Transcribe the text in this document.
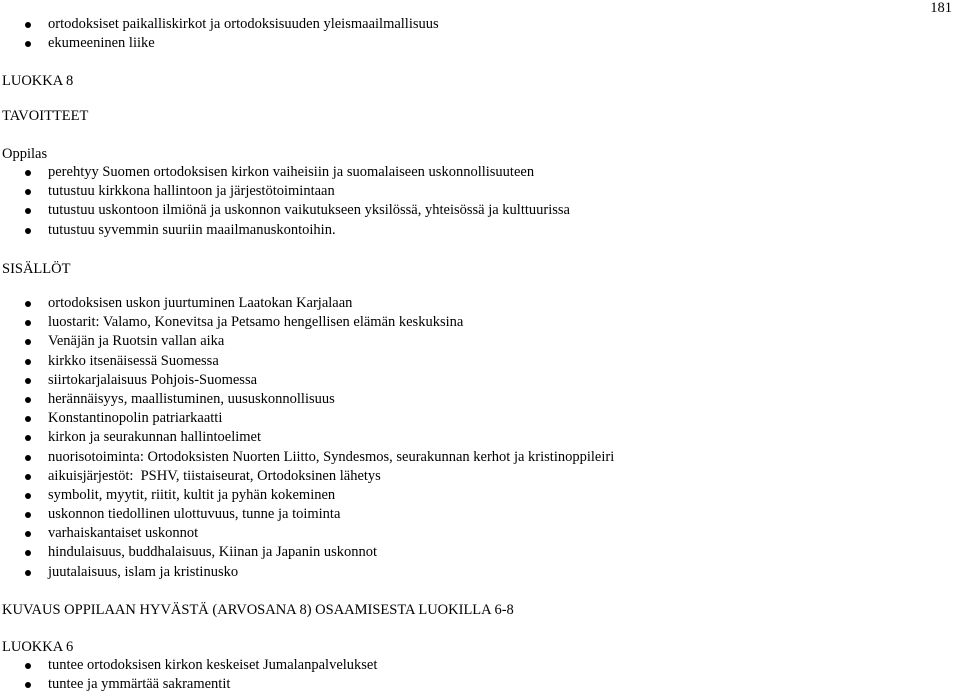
181
ortodoksiset paikalliskirkot ja ortodoksisuuden yleismaailmallisuus
ekumeeninen liike
LUOKKA 8
TAVOITTEET
Oppilas
perehtyy Suomen ortodoksisen kirkon vaiheisiin ja suomalaiseen uskonnollisuuteen
tutustuu kirkkona hallintoon ja järjestötoimintaan
tutustuu uskontoon ilmiönä ja uskonnon vaikutukseen yksilössä, yhteisössä ja kulttuurissa
tutustuu syvemmin suuriin maailmanuskontoihin.
SISÄLLÖT
ortodoksisen uskon juurtuminen Laatokan Karjalaan
luostarit: Valamo, Konevitsa ja Petsamo hengellisen elämän keskuksina
Venäjän ja Ruotsin vallan aika
kirkko itsenäisessä Suomessa
siirtokarjalaisuus Pohjois-Suomessa
herännäisyys, maallistuminen, uususkonnollisuus
Konstantinopolin patriarkaatti
kirkon ja seurakunnan hallintoelimet
nuorisotoiminta: Ortodoksisten Nuorten Liitto, Syndesmos, seurakunnan kerhot ja kristinoppileiri
aikuisjärjestöt:  PSHV, tiistaiseurat, Ortodoksinen lähetys
symbolit, myytit, riitit, kultit ja pyhän kokeminen
uskonnon tiedollinen ulottuvuus, tunne ja toiminta
varhaiskantaiset uskonnot
hindulaisuus, buddhalaisuus, Kiinan ja Japanin uskonnot
juutalaisuus, islam ja kristinusko
KUVAUS OPPILAAN HYVÄSTÄ (ARVOSANA 8) OSAAMISESTA LUOKILLA 6-8
LUOKKA 6
tuntee ortodoksisen kirkon keskeiset Jumalanpalvelukset
tuntee ja ymmärtää sakramentit
